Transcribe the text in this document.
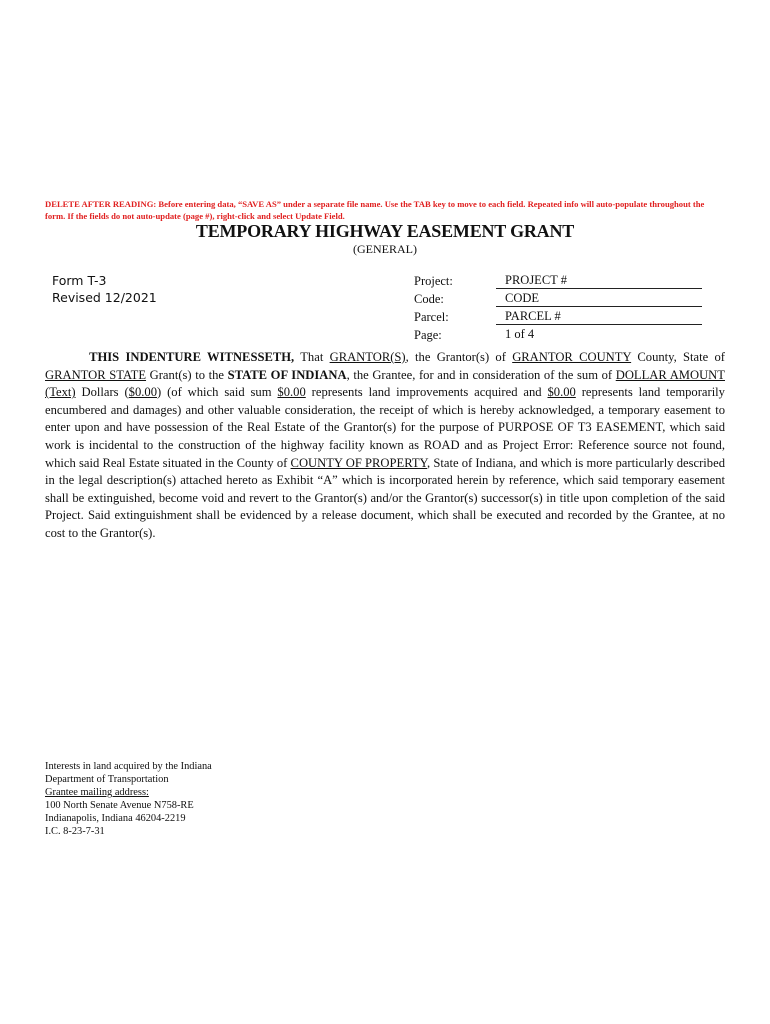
DELETE AFTER READING: Before entering data, “SAVE AS” under a separate file name. Use the TAB key to move to each field. Repeated info will auto-populate throughout the form. If the fields do not auto-update (page #), right-click and select Update Field.
TEMPORARY HIGHWAY EASEMENT GRANT
(GENERAL)
Form T-3
Revised 12/2021
Project:	PROJECT #
Code:	CODE
Parcel:	PARCEL #
Page:	1 of 4
    THIS INDENTURE WITNESSETH, That GRANTOR(S), the Grantor(s) of GRANTOR COUNTY County, State of GRANTOR STATE Grant(s) to the STATE OF INDIANA, the Grantee, for and in consideration of the sum of DOLLAR AMOUNT (Text) Dollars ($0.00) (of which said sum $0.00 represents land improvements acquired and $0.00 represents land temporarily encumbered and damages) and other valuable consideration, the receipt of which is hereby acknowledged, a temporary easement to enter upon and have possession of the Real Estate of the Grantor(s) for the purpose of PURPOSE OF T3 EASEMENT, which said work is incidental to the construction of the highway facility known as ROAD and as Project Error: Reference source not found, which said Real Estate situated in the County of COUNTY OF PROPERTY, State of Indiana, and which is more particularly described in the legal description(s) attached hereto as Exhibit “A” which is incorporated herein by reference, which said temporary easement shall be extinguished, become void and revert to the Grantor(s) and/or the Grantor(s) successor(s) in title upon completion of the said Project. Said extinguishment shall be evidenced by a release document, which shall be executed and recorded by the Grantee, at no cost to the Grantor(s).
Interests in land acquired by the Indiana
Department of Transportation
Grantee mailing address:
100 North Senate Avenue N758-RE
Indianapolis, Indiana 46204-2219
I.C. 8-23-7-31
